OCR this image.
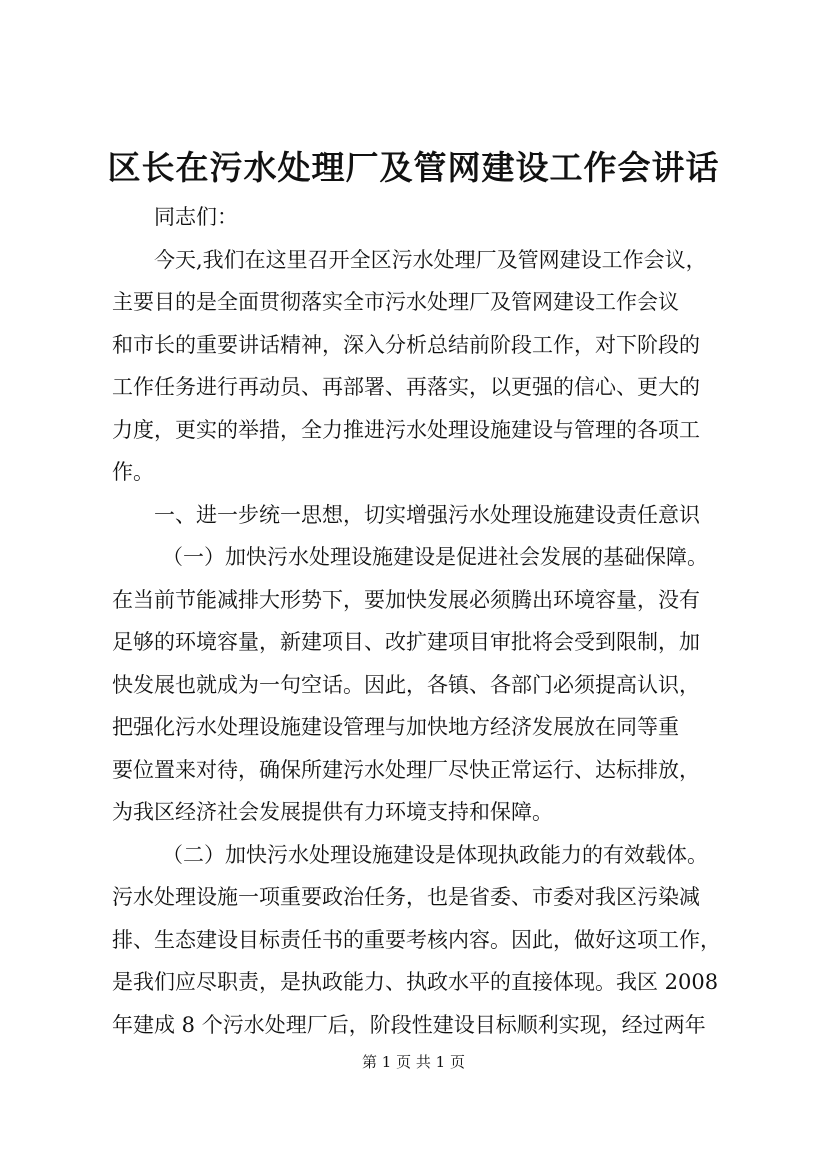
区长在污水处理厂及管网建设工作会讲话
同志们：
今天,我们在这里召开全区污水处理厂及管网建设工作会议，
主要目的是全面贯彻落实全市污水处理厂及管网建设工作会议
和市长的重要讲话精神，深入分析总结前阶段工作，对下阶段的
工作任务进行再动员、再部署、再落实，以更强的信心、更大的
力度，更实的举措，全力推进污水处理设施建设与管理的各项工
作。
一、进一步统一思想，切实增强污水处理设施建设责任意识
（一）加快污水处理设施建设是促进社会发展的基础保障。
在当前节能减排大形势下，要加快发展必须腾出环境容量，没有
足够的环境容量，新建项目、改扩建项目审批将会受到限制，加
快发展也就成为一句空话。因此，各镇、各部门必须提高认识，
把强化污水处理设施建设管理与加快地方经济发展放在同等重
要位置来对待，确保所建污水处理厂尽快正常运行、达标排放，
为我区经济社会发展提供有力环境支持和保障。
（二）加快污水处理设施建设是体现执政能力的有效载体。
污水处理设施一项重要政治任务，也是省委、市委对我区污染减
排、生态建设目标责任书的重要考核内容。因此，做好这项工作，
是我们应尽职责，是执政能力、执政水平的直接体现。我区 2008
年建成 8 个污水处理厂后，阶段性建设目标顺利实现，经过两年
第 1 页 共 1 页
